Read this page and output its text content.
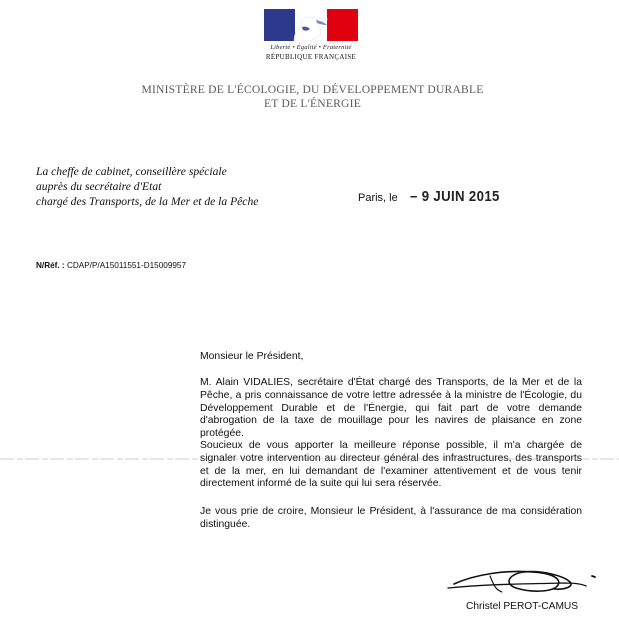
Liberté • Égalité • Fraternité
RÉPUBLIQUE FRANÇAISE
MINISTÈRE DE L'ÉCOLOGIE, DU DÉVELOPPEMENT DURABLE
ET DE L'ÉNERGIE
La cheffe de cabinet, conseillère spéciale
auprès du secrétaire d'Etat
chargé des Transports, de la Mer et de la Pêche	Paris, le – 9 JUIN 2015
N/Réf. : CDAP/P/A15011551-D15009957
Monsieur le Président,
M. Alain VIDALIES, secrétaire d'État chargé des Transports, de la Mer et de la Pêche, a pris connaissance de votre lettre adressée à la ministre de l'Écologie, du Développement Durable et de l'Énergie, qui fait part de votre demande d'abrogation de la taxe de mouillage pour les navires de plaisance en zone protégée.
Soucieux de vous apporter la meilleure réponse possible, il m'a chargée de signaler votre intervention au directeur général des infrastructures, des transports et de la mer, en lui demandant de l'examiner attentivement et de vous tenir directement informé de la suite qui lui sera réservée.
Je vous prie de croire, Monsieur le Président, à l'assurance de ma considération distinguée.
Christel PEROT-CAMUS
